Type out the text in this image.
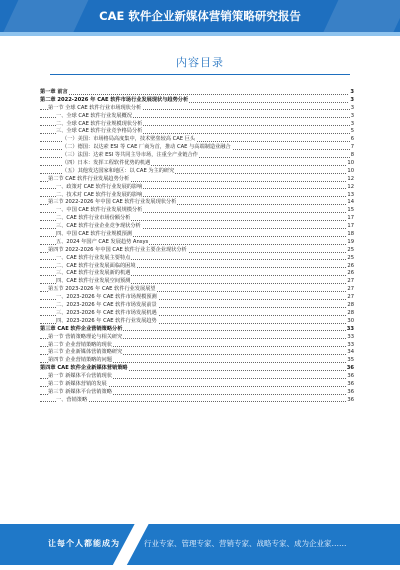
CAE 软件企业新媒体营销策略研究报告
内容目录
第一章 前言	3
第二章 2022-2026 年 CAE 软件市场行业发展现状与趋势分析	3
第一节 全球 CAE 软件行业市场现状分析	3
一、全球 CAE 软件行业发展概况	3
二、全球 CAE 软件行业规模现状分析	3
三、全球 CAE 软件行业竞争格局分析	5
（一）美国：市场格局高度集中，技术壁垒较高 CAE 巨头	6
（二）德国：以达索 ESI 等 CAE 厂商为首，推动 CAE 与高端制造业融合	7
（三）法国：达索 ESI 等共同主导市场，注重全产业链合作	8
（四）日本：发挥工程软件优势的机遇	10
（五）其他发达国家和地区：以 CAE 为主的研究	10
第二节 CAE 软件行业发展趋势分析	12
一、政策对 CAE 软件行业发展的影响	12
二、技术对 CAE 软件行业发展的影响	13
第三节 2022-2026 年中国 CAE 软件行业发展现状分析	14
一、中国 CAE 软件行业发展规模分析	15
二、CAE 软件行业市场份额分析	17
三、CAE 软件行业企业竞争现状分析	17
四、中国 CAE 软件行业规模预测	18
五、2024 年国产 CAE 发展趋势 Ansys	19
第四节 2022-2026 年中国 CAE 软件行业主要企业现状分析	25
一、CAE 软件行业发展主要特点	25
二、CAE 软件行业发展面临的困境	26
三、CAE 软件行业发展新的机遇	26
四、CAE 软件行业发展空间预测	27
第五节 2023-2026 年 CAE 软件行业发展展望	27
一、2023-2026 年 CAE 软件市场规模预测	27
二、2023-2026 年 CAE 软件市场发展前景	28
三、2023-2026 年 CAE 软件市场发展机遇	28
四、2023-2026 年 CAE 软件行业发展趋势	30
第三章 CAE 软件企业营销策略分析	33
第一节 营销策略理论与相关研究	33
第二节 企业营销策略的现状	33
第三节 企业新媒体营销策略研究	34
第四节 企业营销策略的问题	35
第四章 CAE 软件企业新媒体营销策略	36
第一节 新媒体平台营销现状	36
第二节 新媒体营销的发展	36
第三节 新媒体平台营销策略	36
一、营销策略	36
让每个人都能成为	行业专家、管理专家、营销专家、战略专家、成为企业家……
